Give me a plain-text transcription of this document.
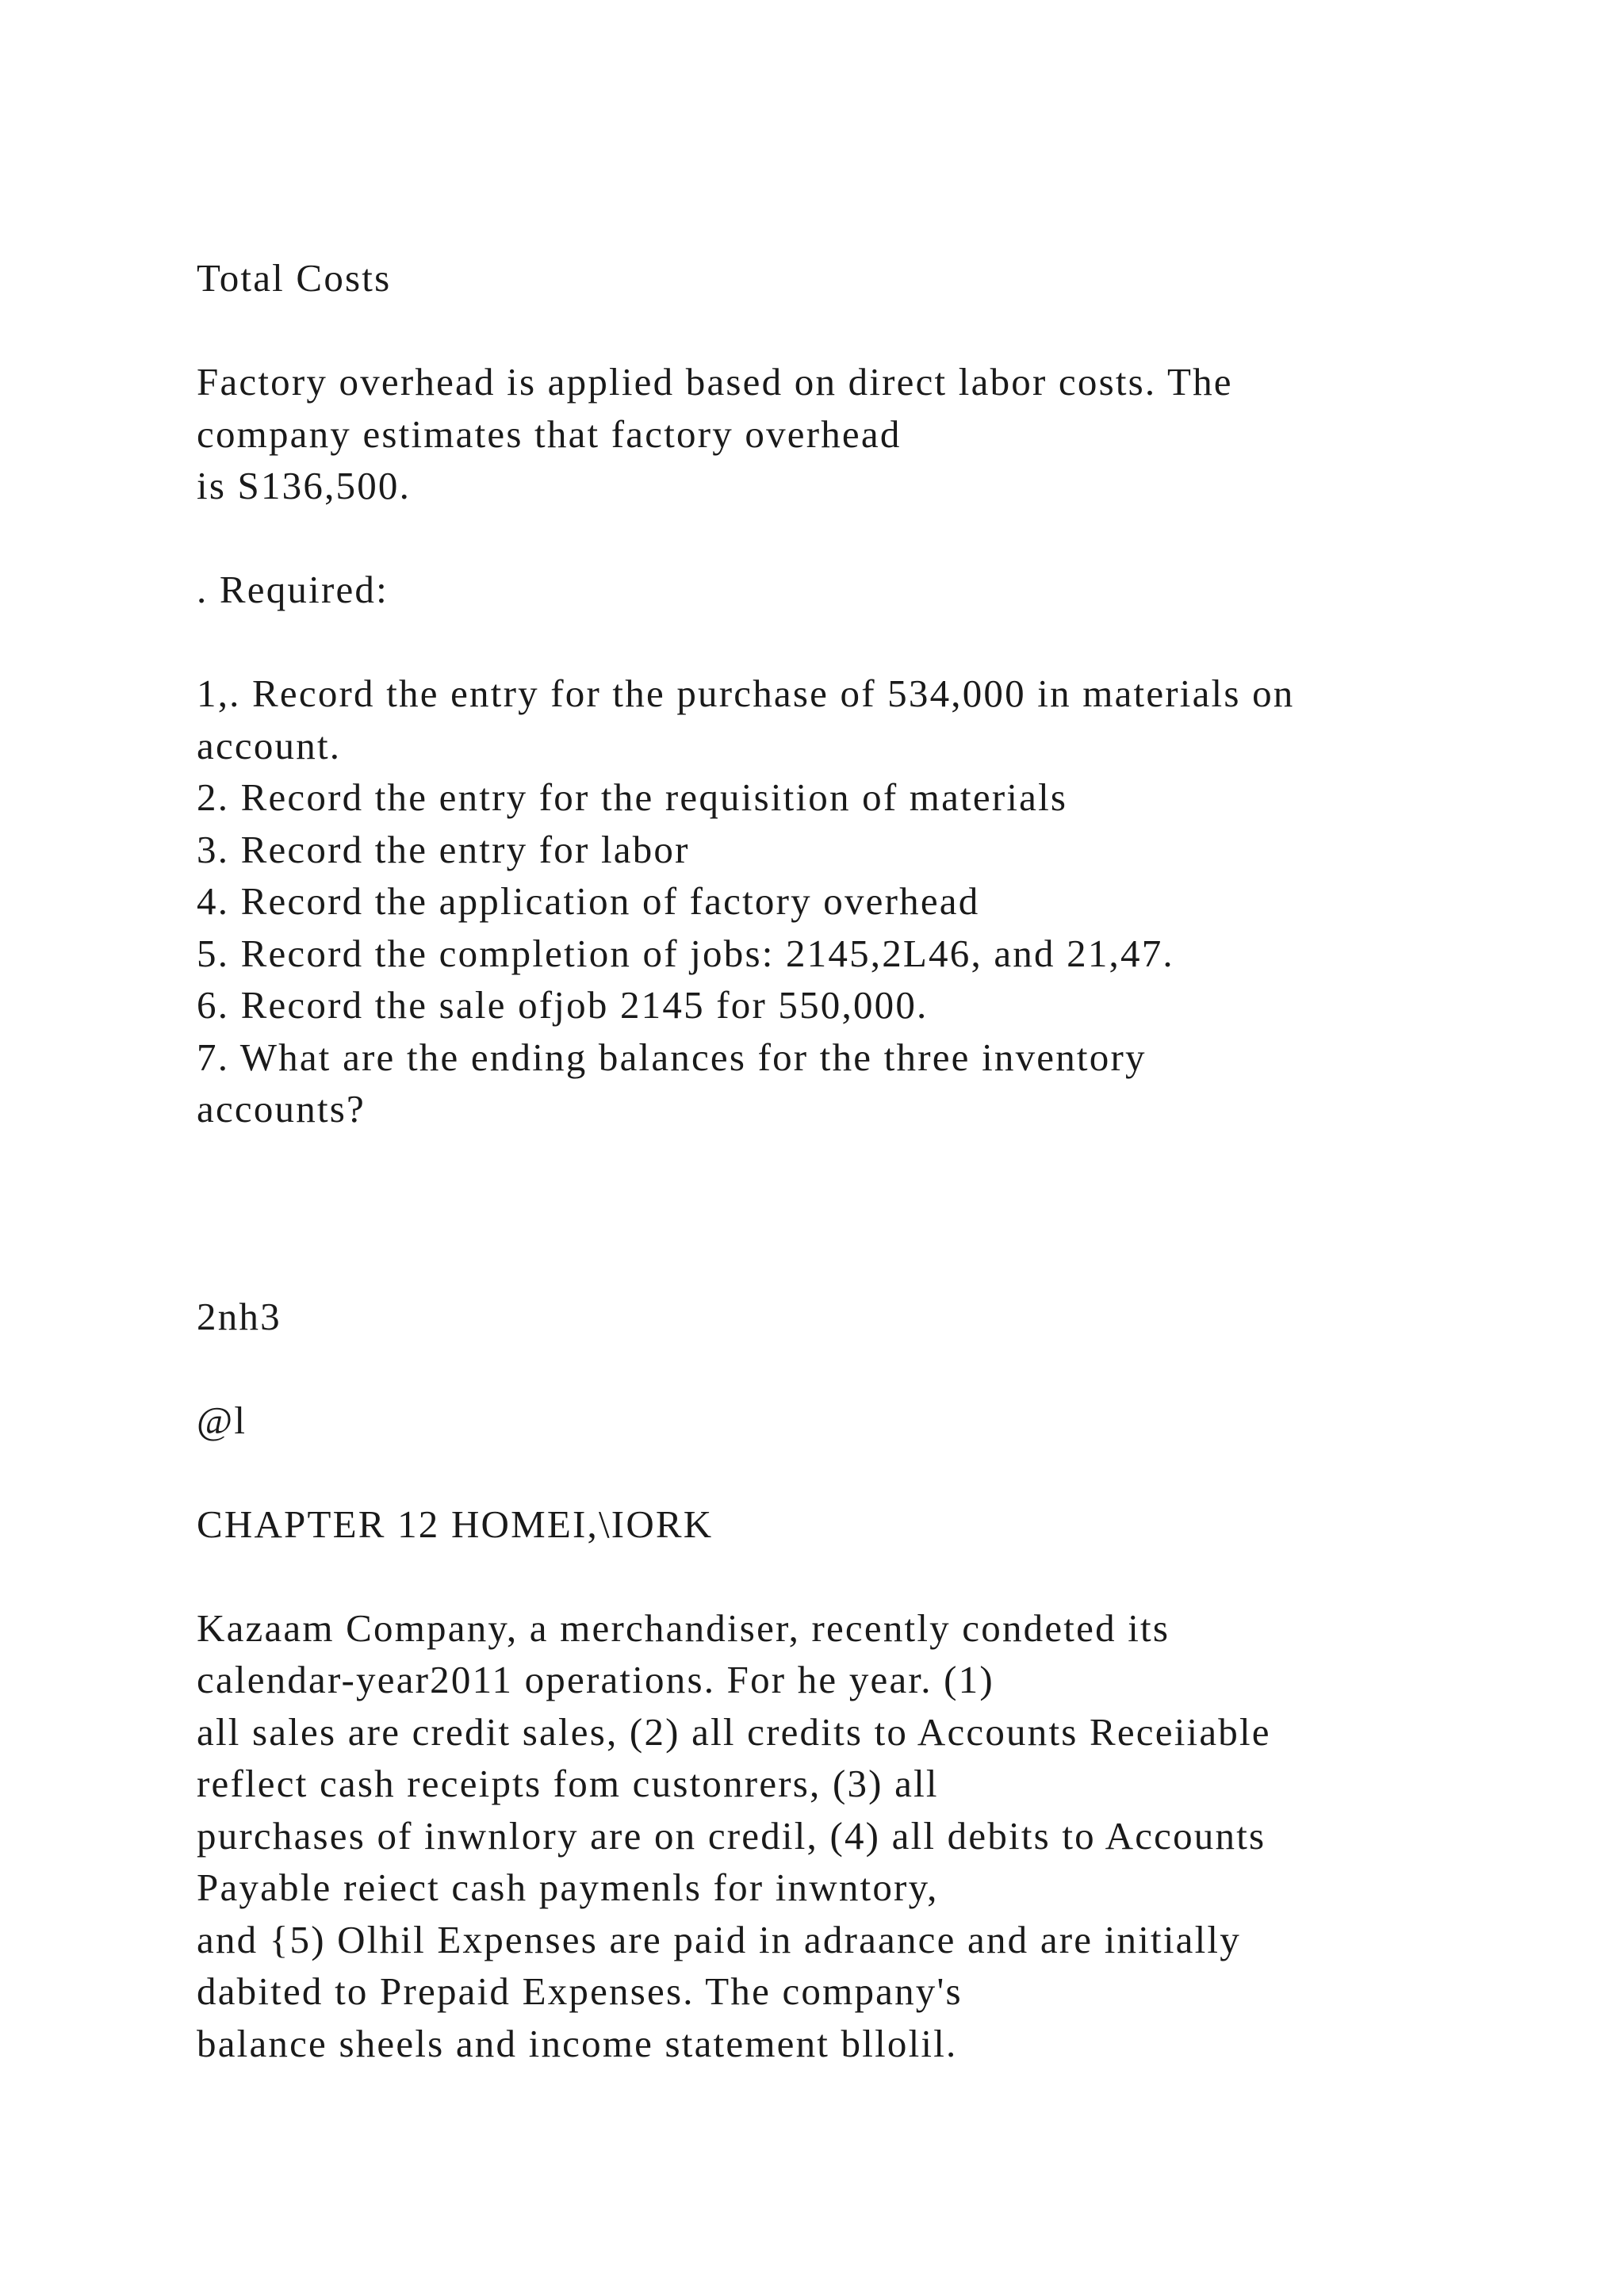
Total Costs

Factory overhead is applied based on direct labor costs. The
company estimates that factory overhead
is S136,500.

. Required:

1,. Record the entry for the purchase of 534,000 in materials on
account.
2. Record the entry for the requisition of materials
3. Record the entry for labor
4. Record the application of factory overhead
5. Record the completion of jobs: 2145,2L46, and 21,47.
6. Record the sale ofjob 2145 for 550,000.
7. What are the ending balances for the three inventory
accounts?

2nh3

@l

CHAPTER 12 HOMEI,\IORK

Kazaam Company, a merchandiser, recently condeted its
calendar-year2011 operations. For he year. (1)
all sales are credit sales, (2) all credits to Accounts Receiiable
reflect cash receipts fom custonrers, (3) all
purchases of inwnlory are on credil, (4) all debits to Accounts
Payable reiect cash paymenls for inwntory,
and {5) Olhil Expenses are paid in adraance and are initially
dabited to Prepaid Expenses. The company's
balance sheels and income statement bllolil.
